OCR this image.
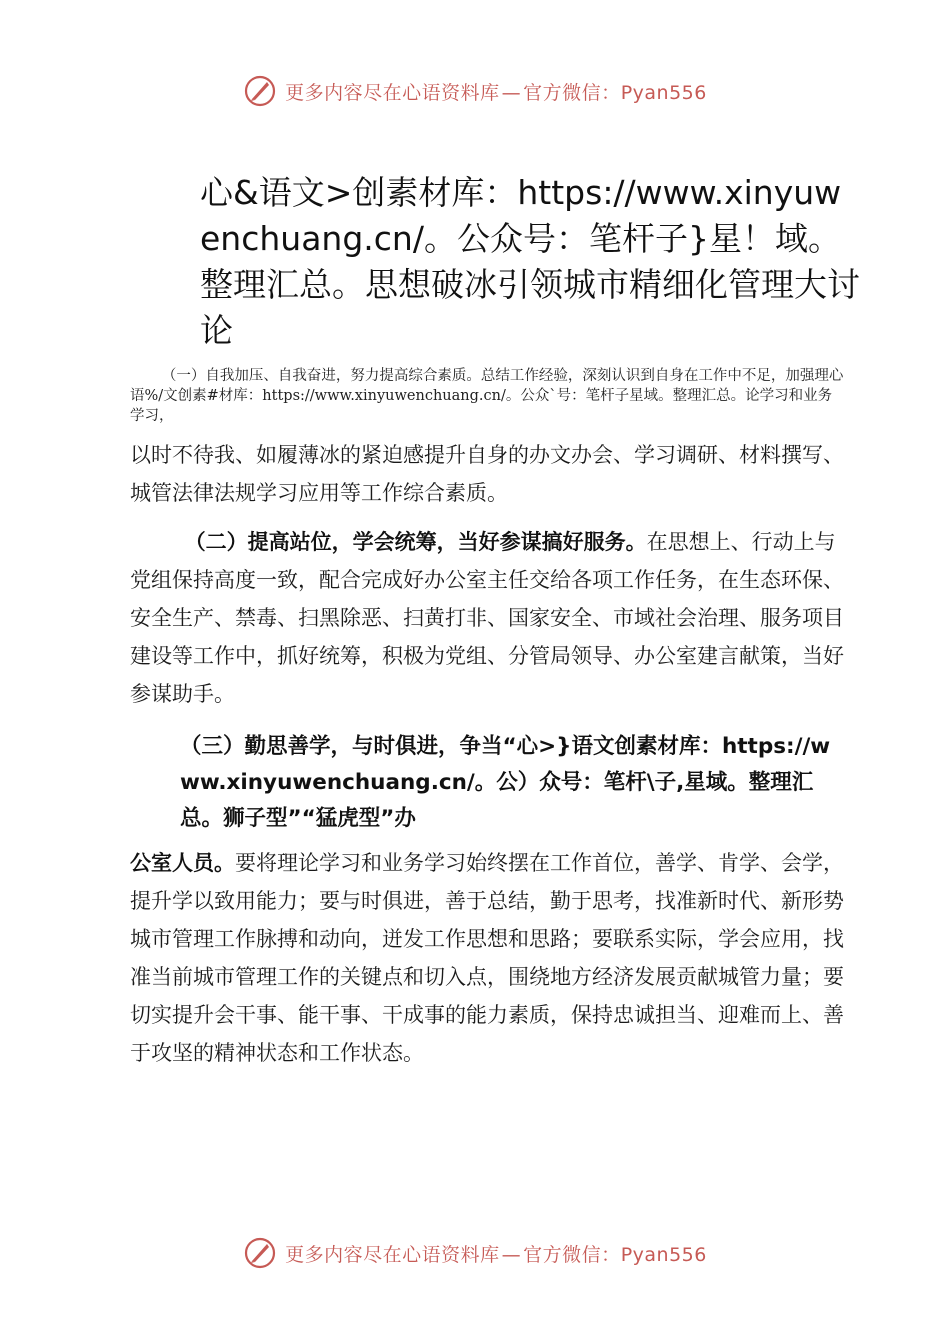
更多内容尽在心语资料库 — 官方微信：Pyan556
心&语文>创素材库：https://www.xinyuwenchuang.cn/。公众号：笔杆子}星！域。整理汇总。思想破冰引领城市精细化管理大讨论
（一）自我加压、自我奋进，努力提高综合素质。总结工作经验，深刻认识到自身在工作中不足，加强理心语%/文创素#材库：https://www.xinyuwenchuang.cn/。公众`号：笔杆子星域。整理汇总。论学习和业务学习，
以时不待我、如履薄冰的紧迫感提升自身的办文办会、学习调研、材料撰写、城管法律法规学习应用等工作综合素质。
（二）提高站位，学会统筹，当好参谋搞好服务。在思想上、行动上与党组保持高度一致，配合完成好办公室主任交给各项工作任务，在生态环保、安全生产、禁毒、扫黑除恶、扫黄打非、国家安全、市域社会治理、服务项目建设等工作中，抓好统筹，积极为党组、分管局领导、办公室建言献策，当好参谋助手。
（三）勤思善学，与时俱进，争当“心>}语文创素材库：https://www.xinyuwenchuang.cn/。公）众号：笔杆\子,星域。整理汇总。狮子型”“猛虎型”办
公室人员。要将理论学习和业务学习始终摆在工作首位，善学、肯学、会学，提升学以致用能力；要与时俱进，善于总结，勤于思考，找准新时代、新形势城市管理工作脉搏和动向，迸发工作思想和思路；要联系实际，学会应用，找准当前城市管理工作的关键点和切入点，围绕地方经济发展贡献城管力量；要切实提升会干事、能干事、干成事的能力素质，保持忠诚担当、迎难而上、善于攻坚的精神状态和工作状态。
更多内容尽在心语资料库 — 官方微信：Pyan556
